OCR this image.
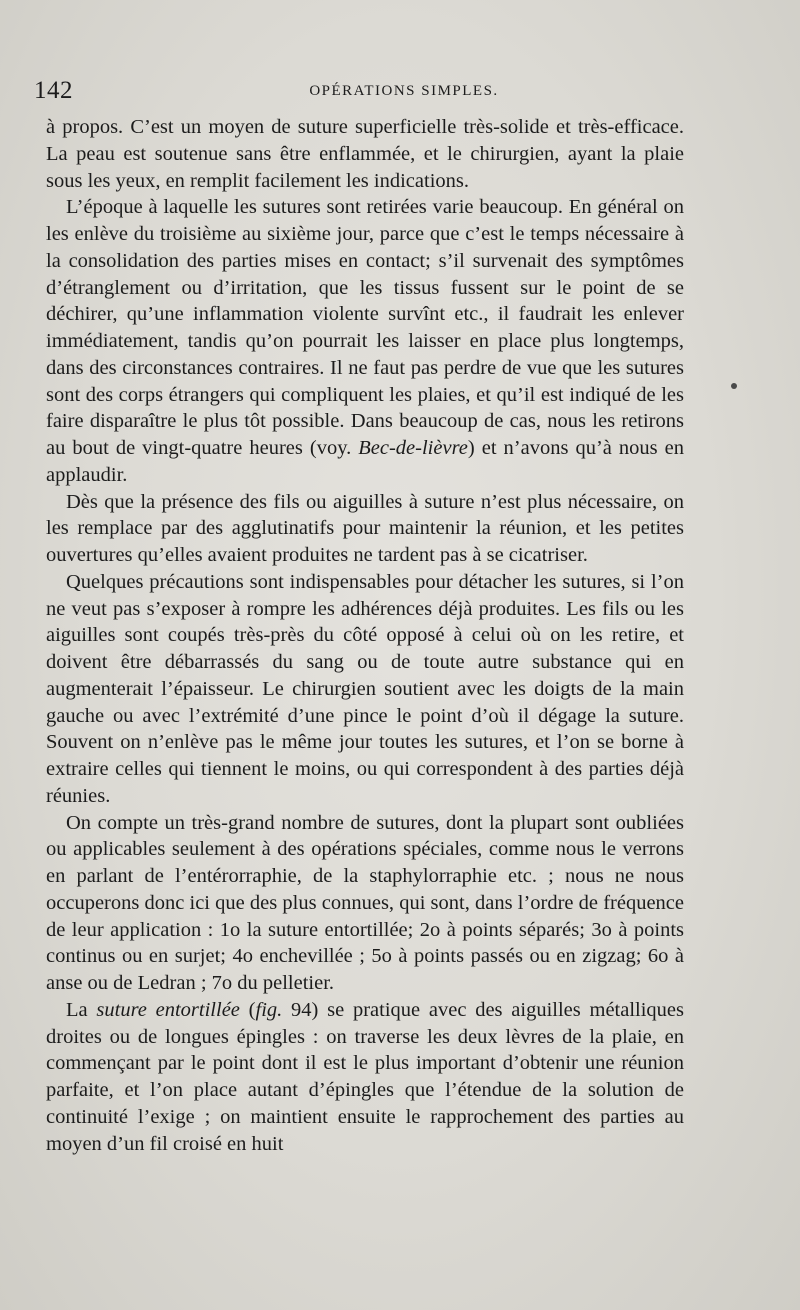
142	OPÉRATIONS SIMPLES.

à propos. C’est un moyen de suture superficielle très-solide et très-efficace. La peau est soutenue sans être enflammée, et le chirurgien, ayant la plaie sous les yeux, en remplit facilement les indications.

L’époque à laquelle les sutures sont retirées varie beaucoup. En général on les enlève du troisième au sixième jour, parce que c’est le temps nécessaire à la consolidation des parties mises en contact; s’il survenait des symptômes d’étranglement ou d’irritation, que les tissus fussent sur le point de se déchirer, qu’une inflammation violente survînt etc., il faudrait les enlever immédiatement, tandis qu’on pourrait les laisser en place plus longtemps, dans des circonstances contraires. Il ne faut pas perdre de vue que les sutures sont des corps étrangers qui compliquent les plaies, et qu’il est indiqué de les faire disparaître le plus tôt possible. Dans beaucoup de cas, nous les retirons au bout de vingt-quatre heures (voy. Bec-de-lièvre) et n’avons qu’à nous en applaudir.

Dès que la présence des fils ou aiguilles à suture n’est plus nécessaire, on les remplace par des agglutinatifs pour maintenir la réunion, et les petites ouvertures qu’elles avaient produites ne tardent pas à se cicatriser.

Quelques précautions sont indispensables pour détacher les sutures, si l’on ne veut pas s’exposer à rompre les adhérences déjà produites. Les fils ou les aiguilles sont coupés très-près du côté opposé à celui où on les retire, et doivent être débarrassés du sang ou de toute autre substance qui en augmenterait l’épaisseur. Le chirurgien soutient avec les doigts de la main gauche ou avec l’extrémité d’une pince le point d’où il dégage la suture. Souvent on n’enlève pas le même jour toutes les sutures, et l’on se borne à extraire celles qui tiennent le moins, ou qui correspondent à des parties déjà réunies.

On compte un très-grand nombre de sutures, dont la plupart sont oubliées ou applicables seulement à des opérations spéciales, comme nous le verrons en parlant de l’entérorraphie, de la staphylorraphie etc. ; nous ne nous occuperons donc ici que des plus connues, qui sont, dans l’ordre de fréquence de leur application : 1o la suture entortillée; 2o à points séparés; 3o à points continus ou en surjet; 4o enchevillée ; 5o à points passés ou en zigzag; 6o à anse ou de Ledran ; 7o du pelletier.

La suture entortillée (fig. 94) se pratique avec des aiguilles métalliques droites ou de longues épingles : on traverse les deux lèvres de la plaie, en commençant par le point dont il est le plus important d’obtenir une réunion parfaite, et l’on place autant d’épingles que l’étendue de la solution de continuité l’exige ; on maintient ensuite le rapprochement des parties au moyen d’un fil croisé en huit
